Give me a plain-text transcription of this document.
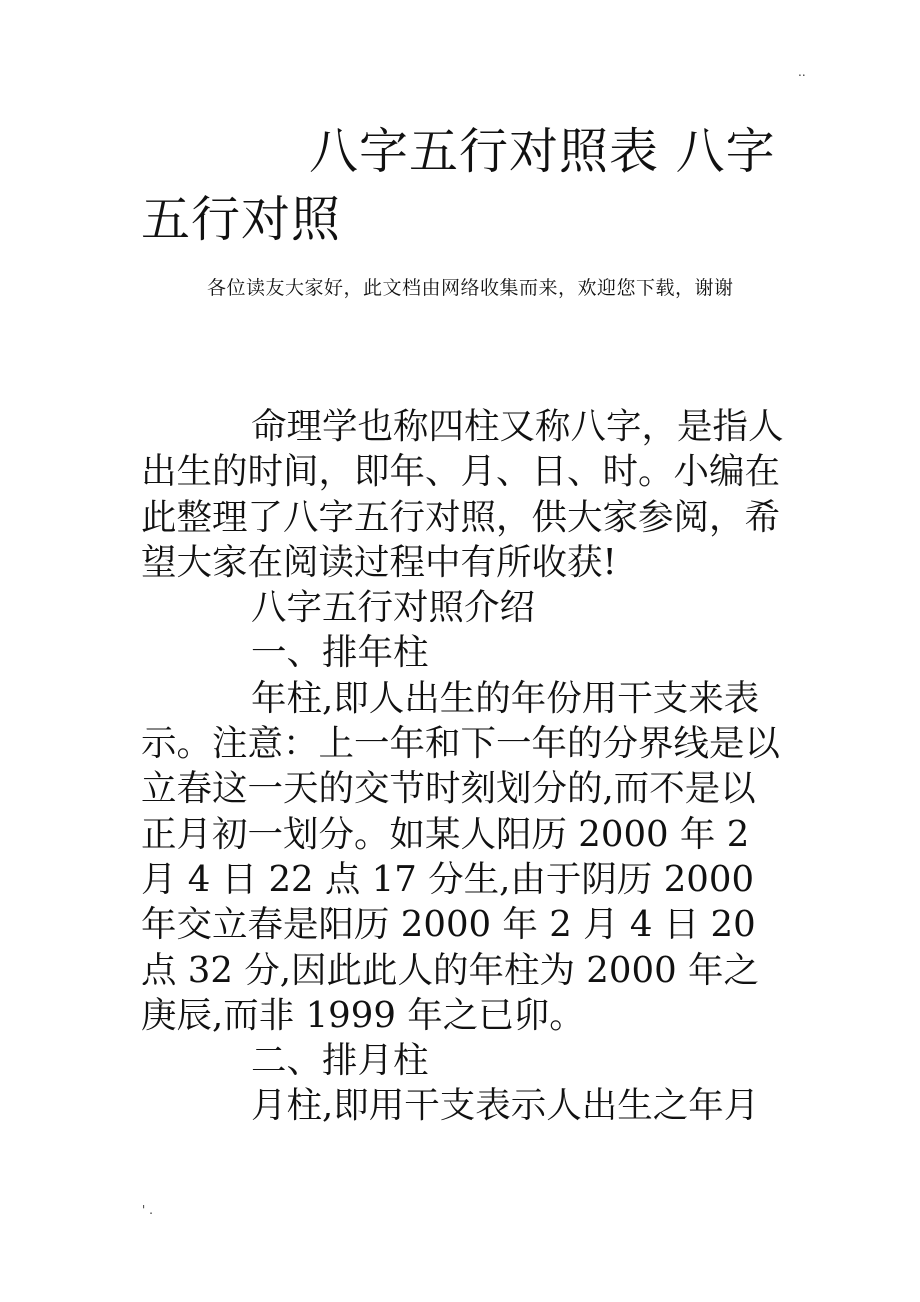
..
八字五行对照表 八字五行对照

各位读友大家好，此文档由网络收集而来，欢迎您下载，谢谢

命理学也称四柱又称八字，是指人出生的时间，即年、月、日、时。小编在此整理了八字五行对照，供大家参阅，希望大家在阅读过程中有所收获!

八字五行对照介绍

一、排年柱

年柱,即人出生的年份用干支来表示。注意：上一年和下一年的分界线是以立春这一天的交节时刻划分的,而不是以正月初一划分。如某人阳历 2000 年 2 月 4 日 22 点 17 分生,由于阴历 2000 年交立春是阳历 2000 年 2 月 4 日 20 点 32 分,因此此人的年柱为 2000 年之庚辰,而非 1999 年之已卯。

二、排月柱

月柱,即用干支表示人出生之年月

' .
